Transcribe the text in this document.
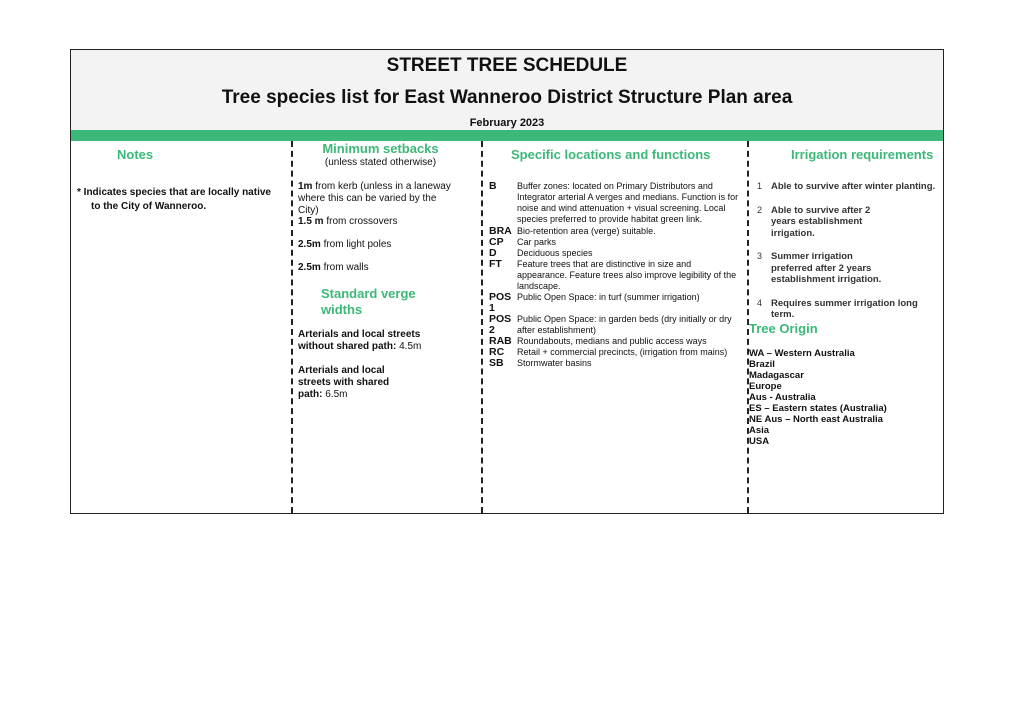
STREET TREE SCHEDULE
Tree species list for East Wanneroo District Structure Plan area
February 2023
Notes
* Indicates species that are locally native
to the City of Wanneroo.
Minimum setbacks
(unless stated otherwise)
1m from kerb (unless in a laneway where this can be varied by the City)
1.5 m from crossovers
2.5m from light poles
2.5m from walls
Standard verge widths
Arterials and local streets without shared path: 4.5m
Arterials and local streets with shared path: 6.5m
Specific locations and functions
B	Buffer zones: located on Primary Distributors and Integrator arterial A verges and medians. Function is for noise and wind attenuation + visual screening. Local species preferred to provide habitat green link.
BRA Bio-retention area (verge) suitable.
CP	Car parks
D	Deciduous species
FT	Feature trees that are distinctive in size and appearance. Feature trees also improve legibility of the landscape.
POS 1
Public Open Space: in turf (summer irrigation)
POS 2
Public Open Space: in garden beds (dry initially or dry after establishment)
RAB Roundabouts, medians and public access ways
RC	Retail + commercial precincts, (irrigation from mains)
SB	Stormwater basins
Irrigation requirements
1 Able to survive after winter planting.
2 Able to survive after 2 years establishment irrigation.
3 Summer irrigation preferred after 2 years establishment irrigation.
4 Requires summer irrigation long term.
Tree Origin
WA – Western Australia
Brazil
Madagascar
Europe
Aus - Australia
ES – Eastern states (Australia)
NE Aus – North east Australia
Asia
USA
